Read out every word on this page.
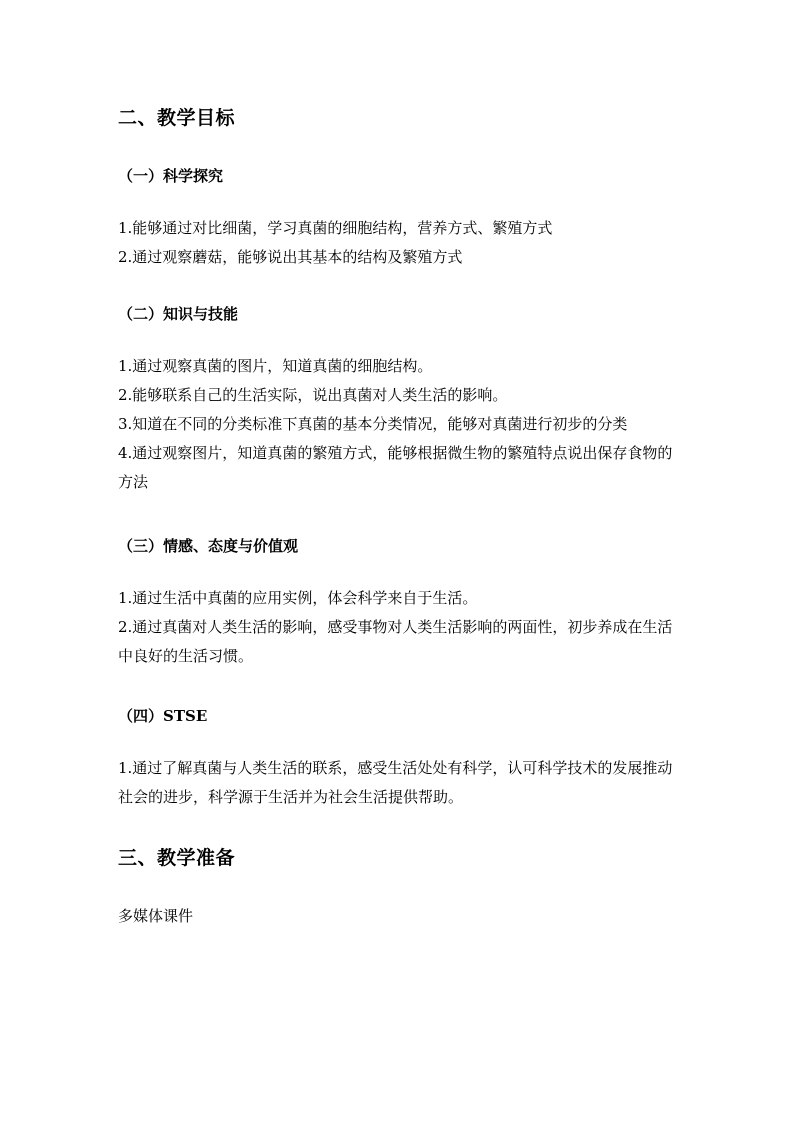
二、教学目标
（一）科学探究

1.能够通过对比细菌，学习真菌的细胞结构，营养方式、繁殖方式

2.通过观察蘑菇，能够说出其基本的结构及繁殖方式

（二）知识与技能

1.通过观察真菌的图片，知道真菌的细胞结构。

2.能够联系自己的生活实际，说出真菌对人类生活的影响。

3.知道在不同的分类标准下真菌的基本分类情况，能够对真菌进行初步的分类

4.通过观察图片，知道真菌的繁殖方式，能够根据微生物的繁殖特点说出保存食物的方法

（三）情感、态度与价值观

1.通过生活中真菌的应用实例，体会科学来自于生活。

2.通过真菌对人类生活的影响，感受事物对人类生活影响的两面性，初步养成在生活中良好的生活习惯。

（四）STSE

1.通过了解真菌与人类生活的联系，感受生活处处有科学，认可科学技术的发展推动社会的进步，科学源于生活并为社会生活提供帮助。

三、教学准备

多媒体课件
